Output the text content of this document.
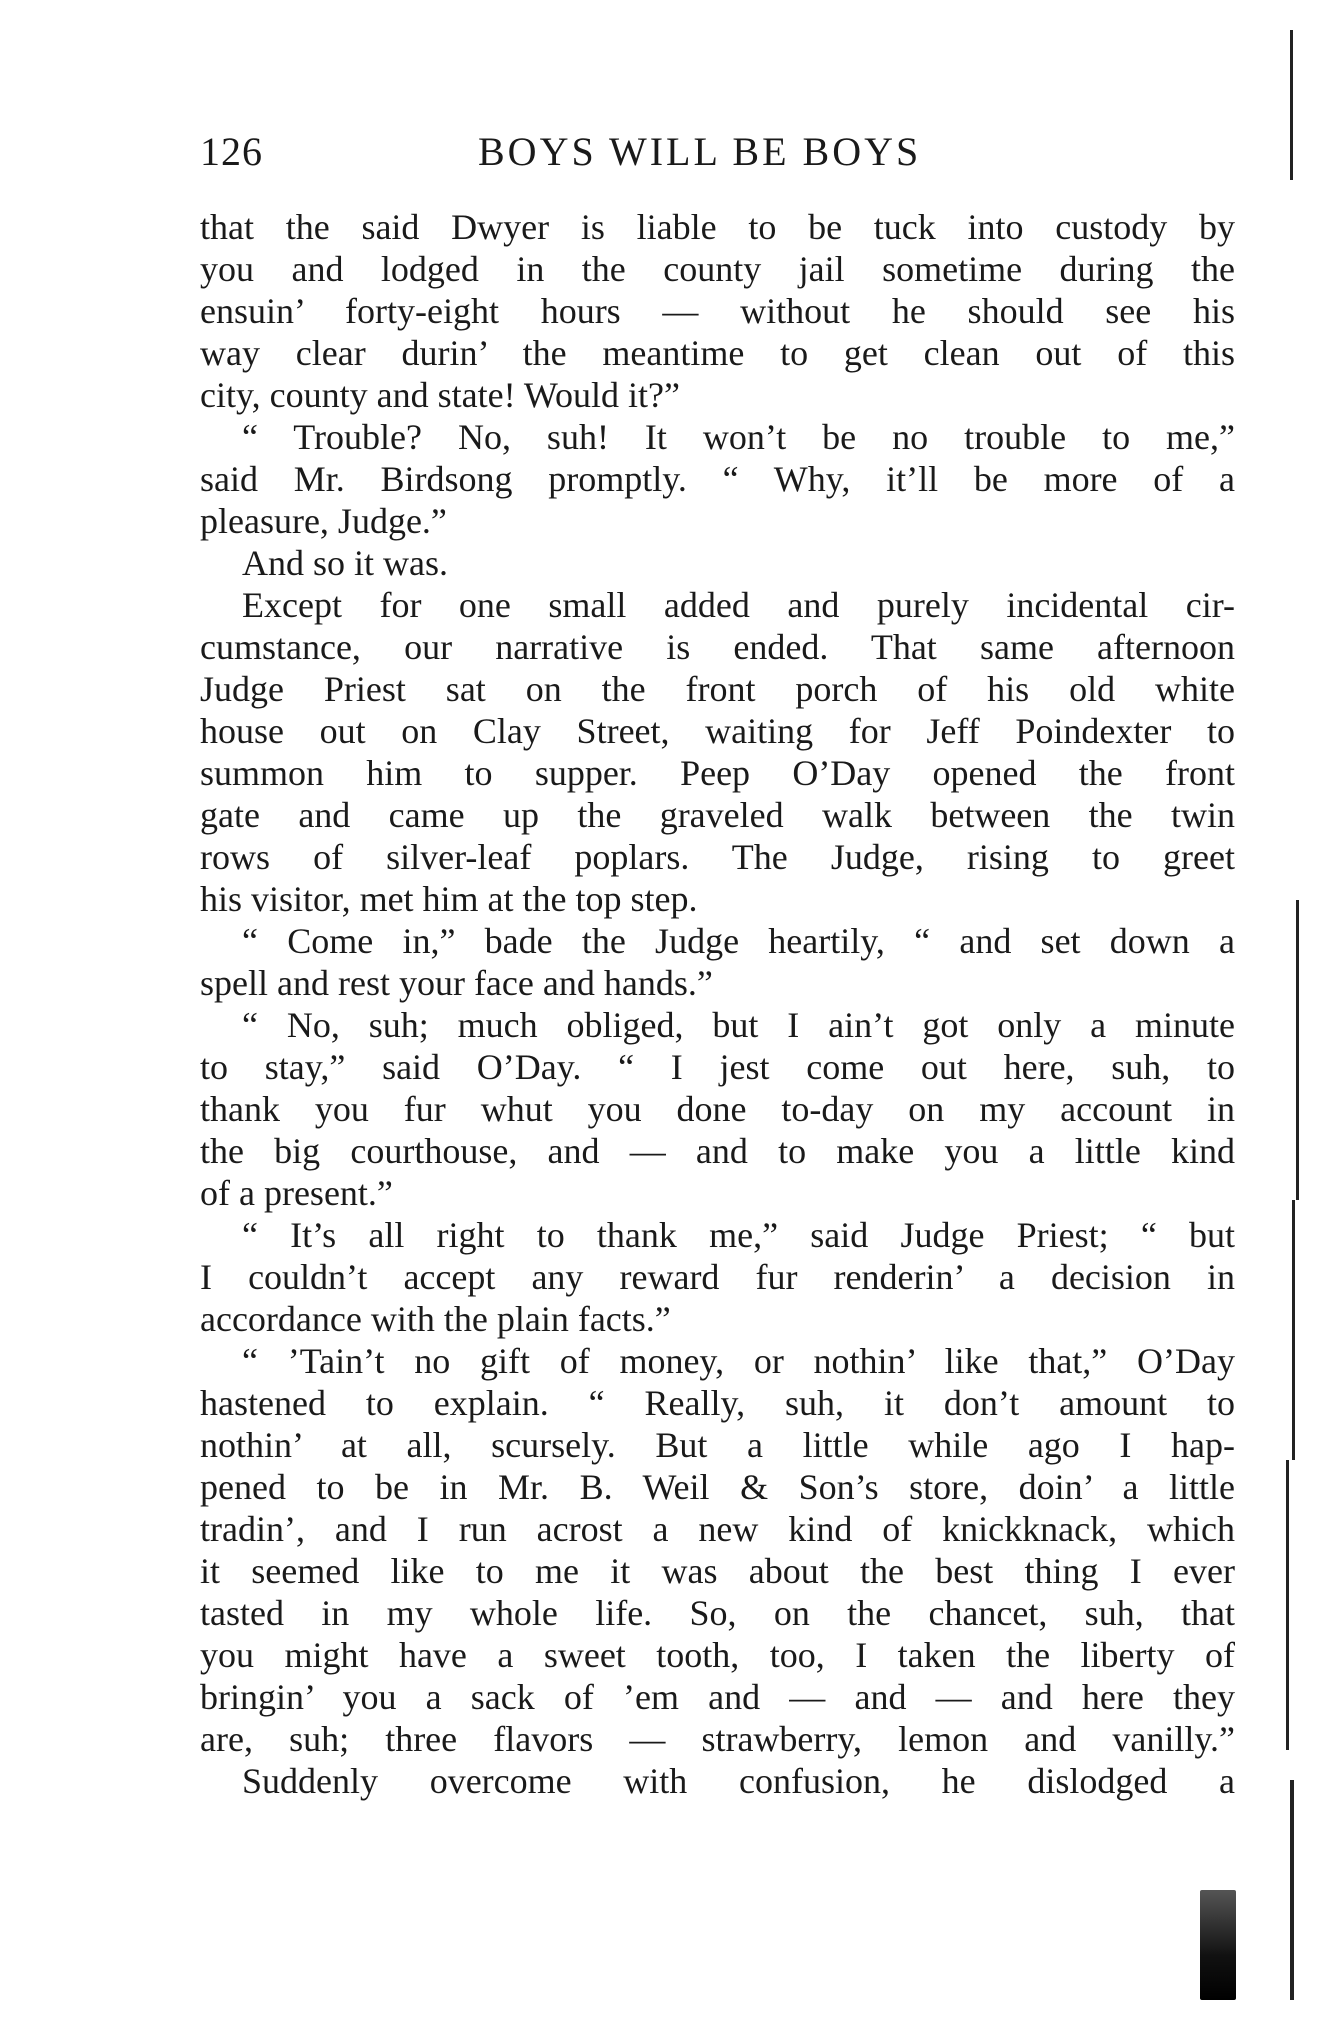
126	BOYS WILL BE BOYS
that the said Dwyer is liable to be tuck into custody by
you and lodged in the county jail sometime during the
ensuin’ forty-eight hours — without he should see his
way clear durin’ the meantime to get clean out of this
city, county and state! Would it?”
“ Trouble? No, suh! It won’t be no trouble to me,”
said Mr. Birdsong promptly. “ Why, it’ll be more of a
pleasure, Judge.”
And so it was.
Except for one small added and purely incidental cir-
cumstance, our narrative is ended. That same afternoon
Judge Priest sat on the front porch of his old white
house out on Clay Street, waiting for Jeff Poindexter to
summon him to supper. Peep O’Day opened the front
gate and came up the graveled walk between the twin
rows of silver-leaf poplars. The Judge, rising to greet
his visitor, met him at the top step.
“ Come in,” bade the Judge heartily, “ and set down a
spell and rest your face and hands.”
“ No, suh; much obliged, but I ain’t got only a minute
to stay,” said O’Day. “ I jest come out here, suh, to
thank you fur whut you done to-day on my account in
the big courthouse, and — and to make you a little kind
of a present.”
“ It’s all right to thank me,” said Judge Priest; “ but
I couldn’t accept any reward fur renderin’ a decision in
accordance with the plain facts.”
“ ’Tain’t no gift of money, or nothin’ like that,” O’Day
hastened to explain. “ Really, suh, it don’t amount to
nothin’ at all, scursely. But a little while ago I hap-
pened to be in Mr. B. Weil & Son’s store, doin’ a little
tradin’, and I run acrost a new kind of knickknack, which
it seemed like to me it was about the best thing I ever
tasted in my whole life. So, on the chancet, suh, that
you might have a sweet tooth, too, I taken the liberty of
bringin’ you a sack of ’em and — and — and here they
are, suh; three flavors — strawberry, lemon and vanilly.”
Suddenly overcome with confusion, he dislodged a
